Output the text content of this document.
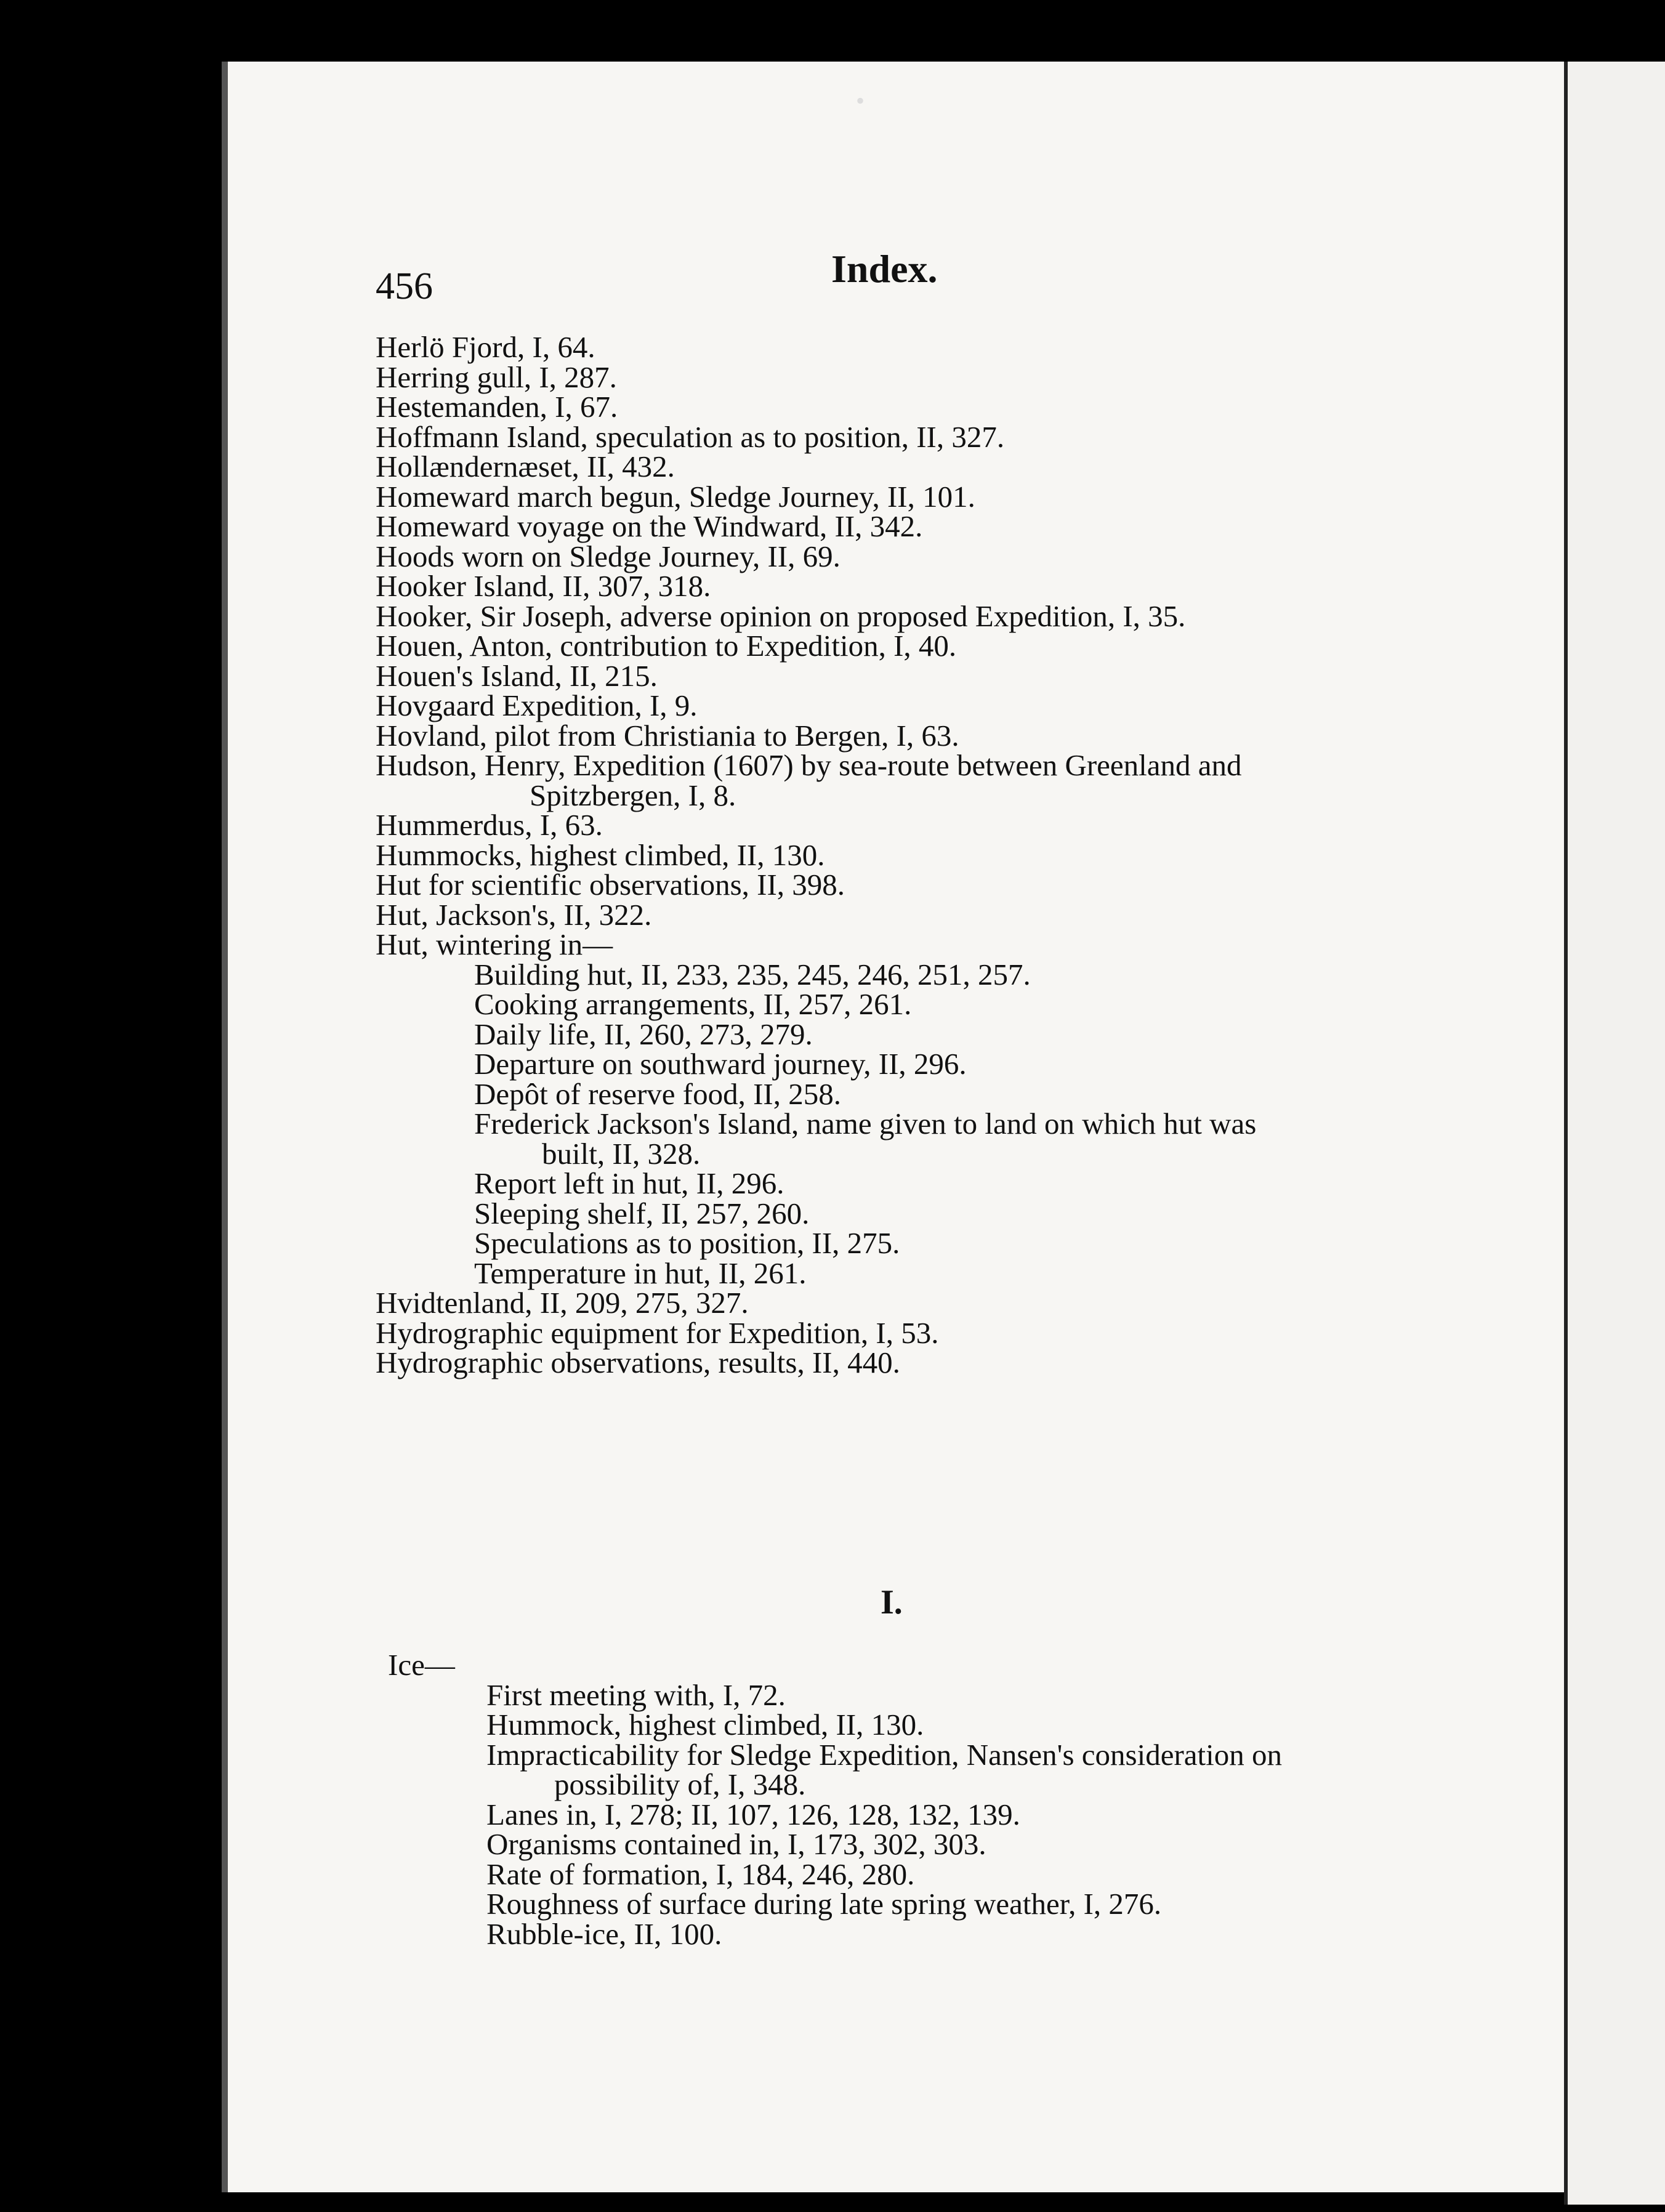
•
456	Index.
Herlö Fjord, I, 64.
Herring gull, I, 287.
Hestemanden, I, 67.
Hoffmann Island, speculation as to position, II, 327.
Hollændernæset, II, 432.
Homeward march begun, Sledge Journey, II, 101.
Homeward voyage on the Windward, II, 342.
Hoods worn on Sledge Journey, II, 69.
Hooker Island, II, 307, 318.
Hooker, Sir Joseph, adverse opinion on proposed Expedition, I, 35.
Houen, Anton, contribution to Expedition, I, 40.
Houen's Island, II, 215.
Hovgaard Expedition, I, 9.
Hovland, pilot from Christiania to Bergen, I, 63.
Hudson, Henry, Expedition (1607) by sea-route between Greenland and
Spitzbergen, I, 8.
Hummerdus, I, 63.
Hummocks, highest climbed, II, 130.
Hut for scientific observations, II, 398.
Hut, Jackson's, II, 322.
Hut, wintering in—
Building hut, II, 233, 235, 245, 246, 251, 257.
Cooking arrangements, II, 257, 261.
Daily life, II, 260, 273, 279.
Departure on southward journey, II, 296.
Depôt of reserve food, II, 258.
Frederick Jackson's Island, name given to land on which hut was
built, II, 328.
Report left in hut, II, 296.
Sleeping shelf, II, 257, 260.
Speculations as to position, II, 275.
Temperature in hut, II, 261.
Hvidtenland, II, 209, 275, 327.
Hydrographic equipment for Expedition, I, 53.
Hydrographic observations, results, II, 440.
I.
Ice—
First meeting with, I, 72.
Hummock, highest climbed, II, 130.
Impracticability for Sledge Expedition, Nansen's consideration on
possibility of, I, 348.
Lanes in, I, 278; II, 107, 126, 128, 132, 139.
Organisms contained in, I, 173, 302, 303.
Rate of formation, I, 184, 246, 280.
Roughness of surface during late spring weather, I, 276.
Rubble-ice, II, 100.
